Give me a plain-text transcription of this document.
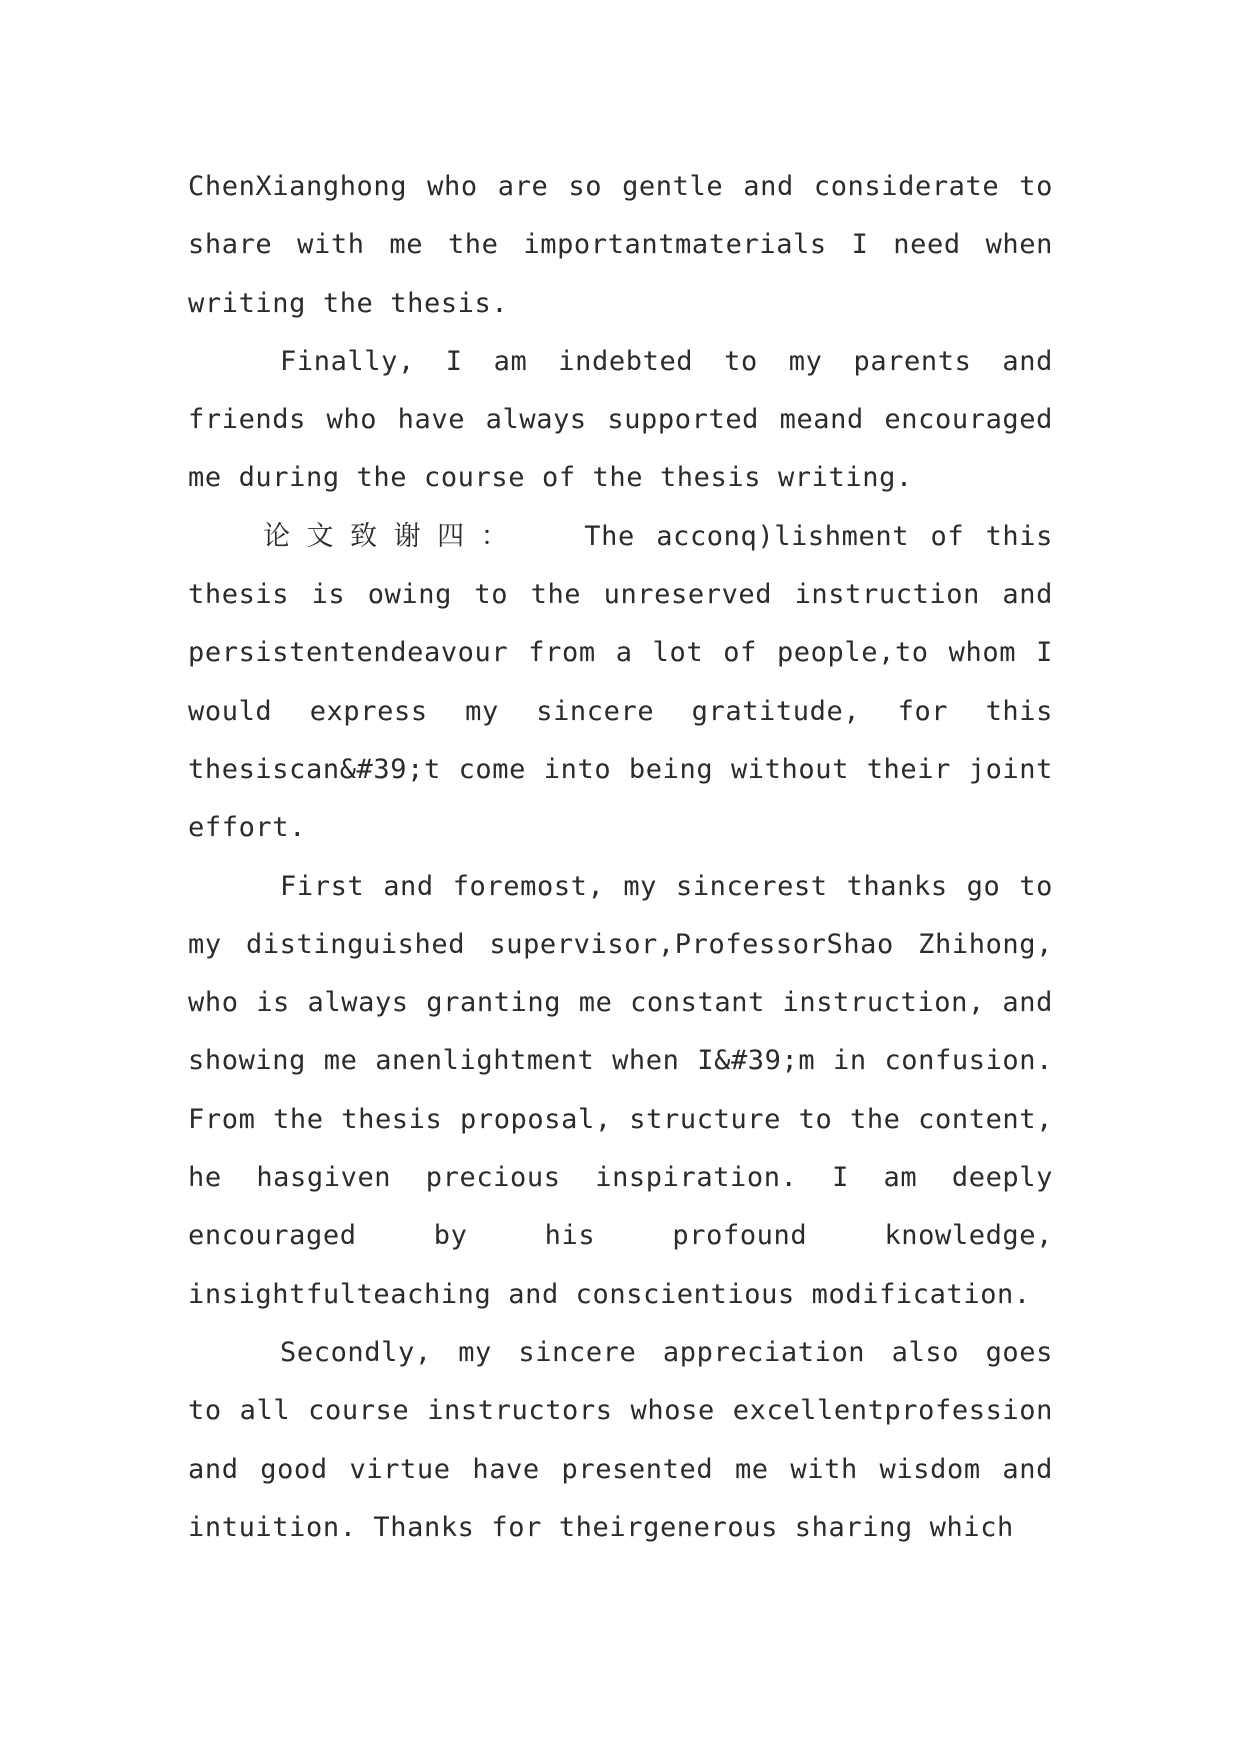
ChenXianghong who are so gentle and considerate to share with me the importantmaterials I need when writing the thesis.

Finally, I am indebted to my parents and friends who have always supported meand encouraged me during the course of the thesis writing.

论文致谢四： The acconq)lishment of this thesis is owing to the unreserved instruction and persistentendeavour from a lot of people,to whom I would express my sincere gratitude, for this thesiscan&#39;t come into being without their joint effort.

First and foremost, my sincerest thanks go to my distinguished supervisor,ProfessorShao Zhihong, who is always granting me constant instruction, and showing me anenlightment when I&#39;m in confusion. From the thesis proposal, structure to the content, he hasgiven precious inspiration. I am deeply encouraged by his profound knowledge, insightfulteaching and conscientious modification.

Secondly, my sincere appreciation also goes to all course instructors whose excellentprofession and good virtue have presented me with wisdom and intuition. Thanks for theirgenerous sharing which
